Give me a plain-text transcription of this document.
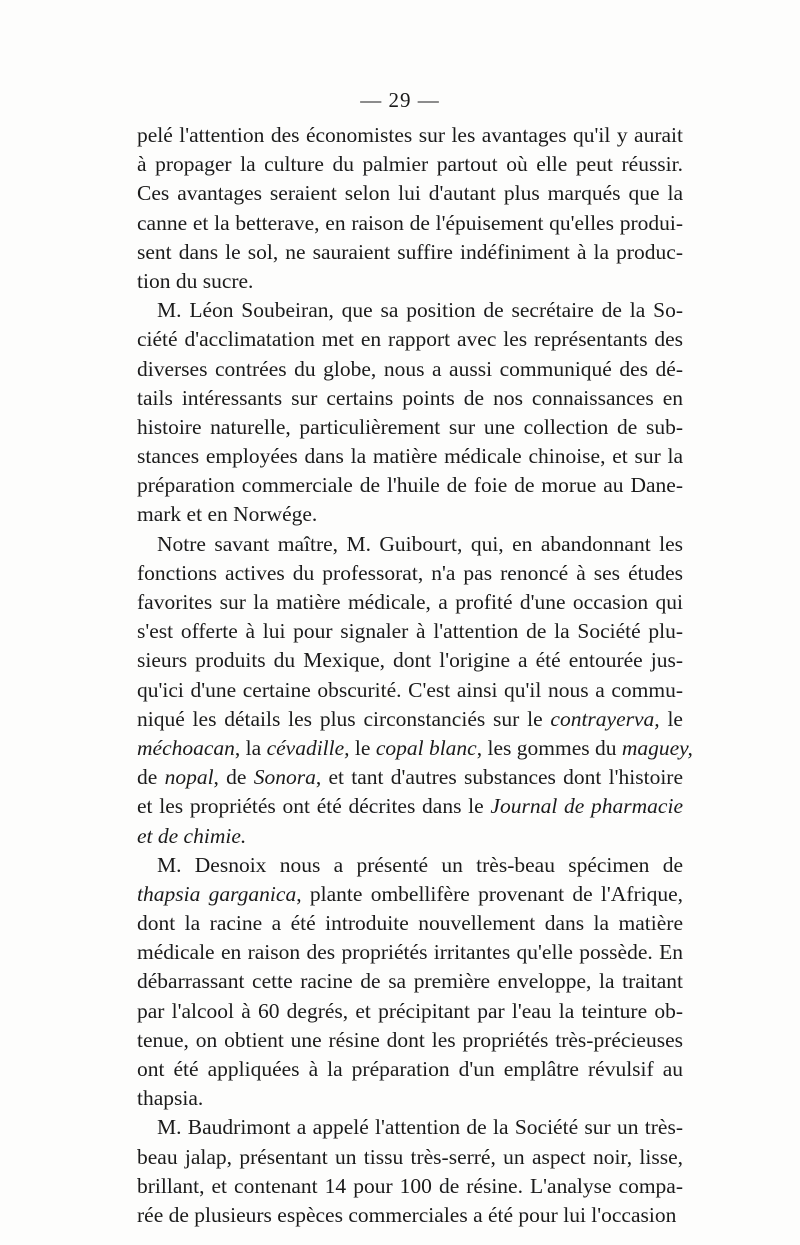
— 29 —
pelé l'attention des économistes sur les avantages qu'il y aurait
à propager la culture du palmier partout où elle peut réussir.
Ces avantages seraient selon lui d'autant plus marqués que la
canne et la betterave, en raison de l'épuisement qu'elles produi-
sent dans le sol, ne sauraient suffire indéfiniment à la produc-
tion du sucre.
M. Léon Soubeiran, que sa position de secrétaire de la So-
ciété d'acclimatation met en rapport avec les représentants des
diverses contrées du globe, nous a aussi communiqué des dé-
tails intéressants sur certains points de nos connaissances en
histoire naturelle, particulièrement sur une collection de sub-
stances employées dans la matière médicale chinoise, et sur la
préparation commerciale de l'huile de foie de morue au Dane-
mark et en Norwége.
Notre savant maître, M. Guibourt, qui, en abandonnant les
fonctions actives du professorat, n'a pas renoncé à ses études
favorites sur la matière médicale, a profité d'une occasion qui
s'est offerte à lui pour signaler à l'attention de la Société plu-
sieurs produits du Mexique, dont l'origine a été entourée jus-
qu'ici d'une certaine obscurité. C'est ainsi qu'il nous a commu-
niqué les détails les plus circonstanciés sur le contrayerva, le
méchoacan, la cévadille, le copal blanc, les gommes du maguey,
de nopal, de Sonora, et tant d'autres substances dont l'histoire
et les propriétés ont été décrites dans le Journal de pharmacie
et de chimie.
M. Desnoix nous a présenté un très-beau spécimen de
thapsia garganica, plante ombellifère provenant de l'Afrique,
dont la racine a été introduite nouvellement dans la matière
médicale en raison des propriétés irritantes qu'elle possède. En
débarrassant cette racine de sa première enveloppe, la traitant
par l'alcool à 60 degrés, et précipitant par l'eau la teinture ob-
tenue, on obtient une résine dont les propriétés très-précieuses
ont été appliquées à la préparation d'un emplâtre révulsif au
thapsia.
M. Baudrimont a appelé l'attention de la Société sur un très-
beau jalap, présentant un tissu très-serré, un aspect noir, lisse,
brillant, et contenant 14 pour 100 de résine. L'analyse compa-
rée de plusieurs espèces commerciales a été pour lui l'occasion
